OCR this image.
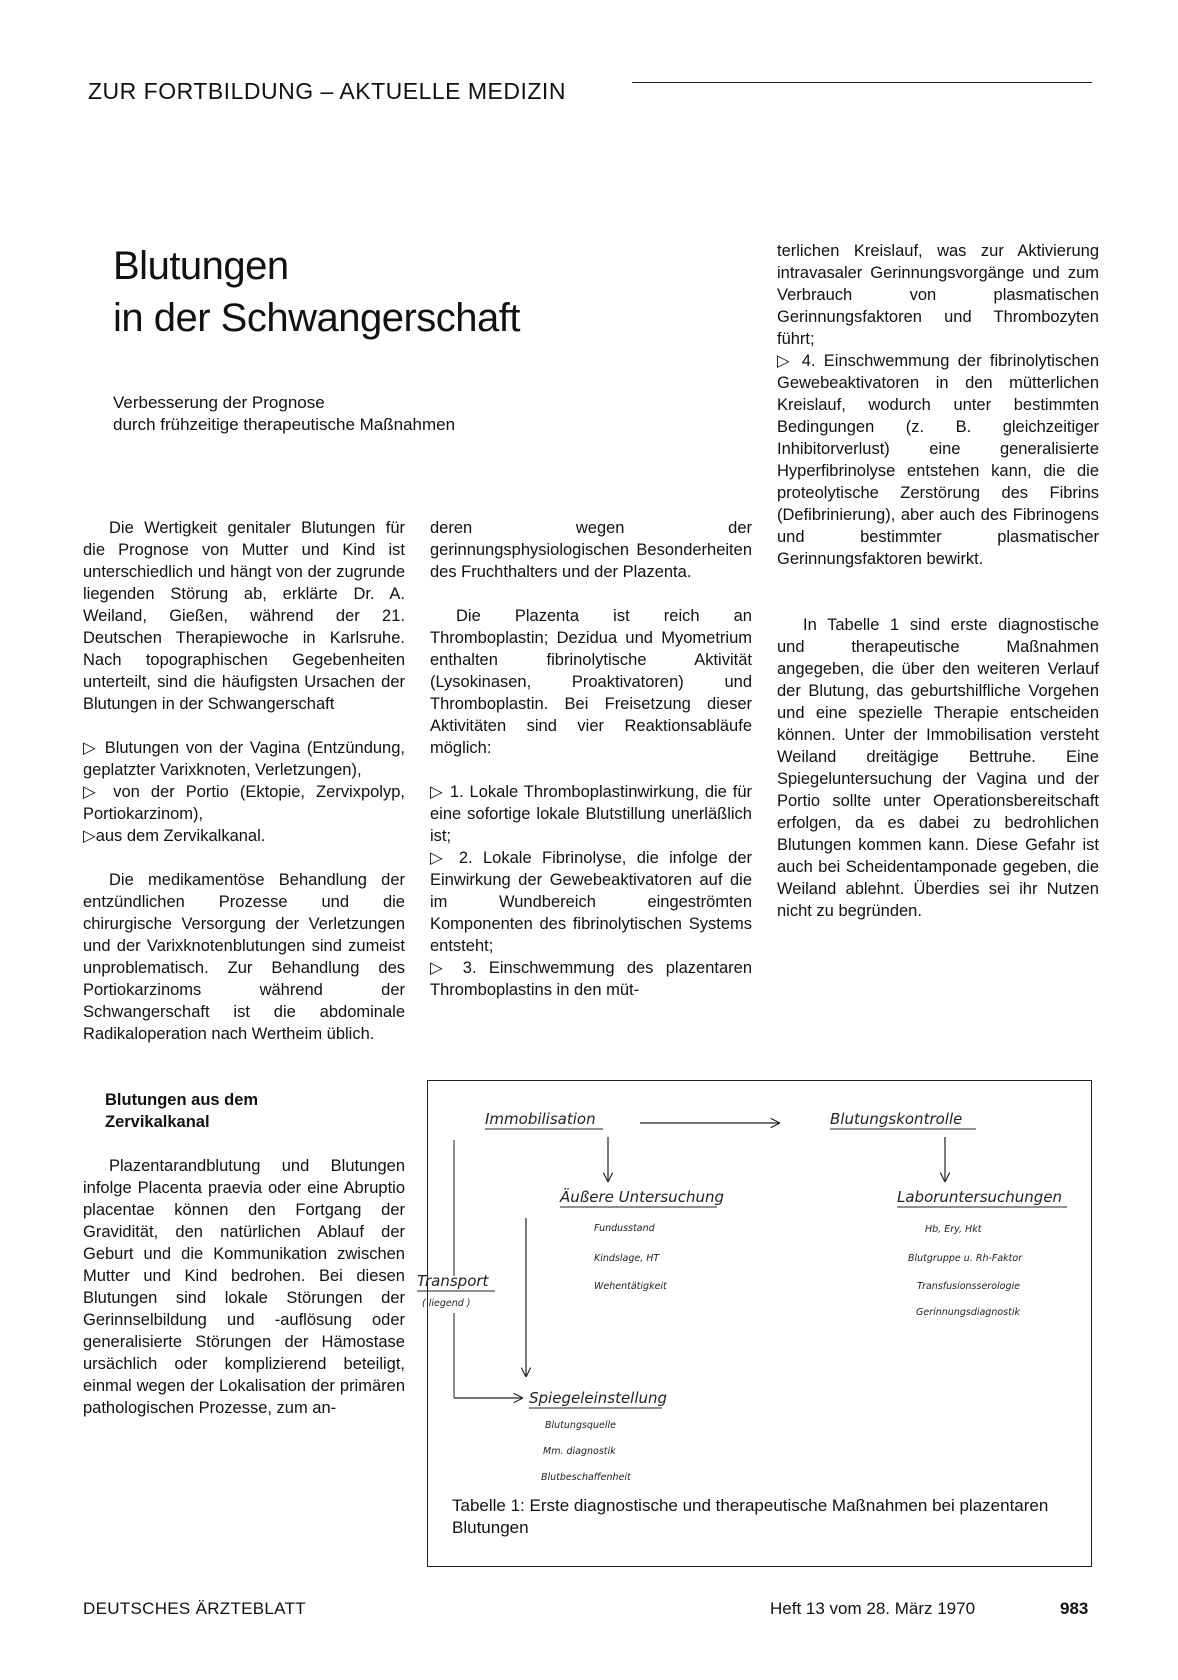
ZUR FORTBILDUNG – AKTUELLE MEDIZIN
Blutungen
in der Schwangerschaft
Verbesserung der Prognose
durch frühzeitige therapeutische Maßnahmen

Die Wertigkeit genitaler Blutungen für die Prognose von Mutter und Kind ist unterschiedlich und hängt von der zugrunde liegenden Störung ab, erklärte Dr. A. Weiland, Gießen, während der 21. Deutschen Therapiewoche in Karlsruhe. Nach topographischen Gegebenheiten unterteilt, sind die häufigsten Ursachen der Blutungen in der Schwangerschaft

▷ Blutungen von der Vagina (Entzündung, geplatzter Varixknoten, Verletzungen),

▷ von der Portio (Ektopie, Zervixpolyp, Portiokarzinom),

▷aus dem Zervikalkanal.

Die medikamentöse Behandlung der entzündlichen Prozesse und die chirurgische Versorgung der Verletzungen und der Varixknotenblutungen sind zumeist unproblematisch. Zur Behandlung des Portiokarzinoms während der Schwangerschaft ist die abdominale Radikaloperation nach Wertheim üblich.

Blutungen aus dem
Zervikalkanal

Plazentarandblutung und Blutungen infolge Placenta praevia oder eine Abruptio placentae können den Fortgang der Gravidität, den natürlichen Ablauf der Geburt und die Kommunikation zwischen Mutter und Kind bedrohen. Bei diesen Blutungen sind lokale Störungen der Gerinnselbildung und -auflösung oder generalisierte Störungen der Hämostase ursächlich oder komplizierend beteiligt, einmal wegen der Lokalisation der primären pathologischen Prozesse, zum an-

deren wegen der gerinnungsphysiologischen Besonderheiten des Fruchthalters und der Plazenta.

Die Plazenta ist reich an Thromboplastin; Dezidua und Myometrium enthalten fibrinolytische Aktivität (Lysokinasen, Proaktivatoren) und Thromboplastin. Bei Freisetzung dieser Aktivitäten sind vier Reaktionsabläufe möglich:

▷ 1. Lokale Thromboplastinwirkung, die für eine sofortige lokale Blutstillung unerläßlich ist;

▷ 2. Lokale Fibrinolyse, die infolge der Einwirkung der Gewebeaktivatoren auf die im Wundbereich eingeströmten Komponenten des fibrinolytischen Systems entsteht;

▷ 3. Einschwemmung des plazentaren Thromboplastins in den müt-

terlichen Kreislauf, was zur Aktivierung intravasaler Gerinnungsvorgänge und zum Verbrauch von plasmatischen Gerinnungsfaktoren und Thrombozyten führt;

▷ 4. Einschwemmung der fibrinolytischen Gewebeaktivatoren in den mütterlichen Kreislauf, wodurch unter bestimmten Bedingungen (z. B. gleichzeitiger Inhibitorverlust) eine generalisierte Hyperfibrinolyse entstehen kann, die die proteolytische Zerstörung des Fibrins (Defibrinierung), aber auch des Fibrinogens und bestimmter plasmatischer Gerinnungsfaktoren bewirkt.

In Tabelle 1 sind erste diagnostische und therapeutische Maßnahmen angegeben, die über den weiteren Verlauf der Blutung, das geburtshilfliche Vorgehen und eine spezielle Therapie entscheiden können. Unter der Immobilisation versteht Weiland dreitägige Bettruhe. Eine Spiegeluntersuchung der Vagina und der Portio sollte unter Operationsbereitschaft erfolgen, da es dabei zu bedrohlichen Blutungen kommen kann. Diese Gefahr ist auch bei Scheidentamponade gegeben, die Weiland ablehnt. Überdies sei ihr Nutzen nicht zu begründen.

Immobilisation	Blutungskontrolle
Äußere Untersuchung
Fundusstand
Kindslage, HT
Wehentätigkeit
Laboruntersuchungen
Hb, Ery, Hkt
Blutgruppe u. Rh-Faktor
Transfusionsserologie
Gerinnungsdiagnostik
Transport
( liegend )
Spiegeleinstellung
Blutungsquelle
Mm. diagnostik
Blutbeschaffenheit
Tabelle 1: Erste diagnostische und therapeutische Maßnahmen bei plazentaren Blutungen
DEUTSCHES ÄRZTEBLATT	Heft 13 vom 28. März 1970	983
